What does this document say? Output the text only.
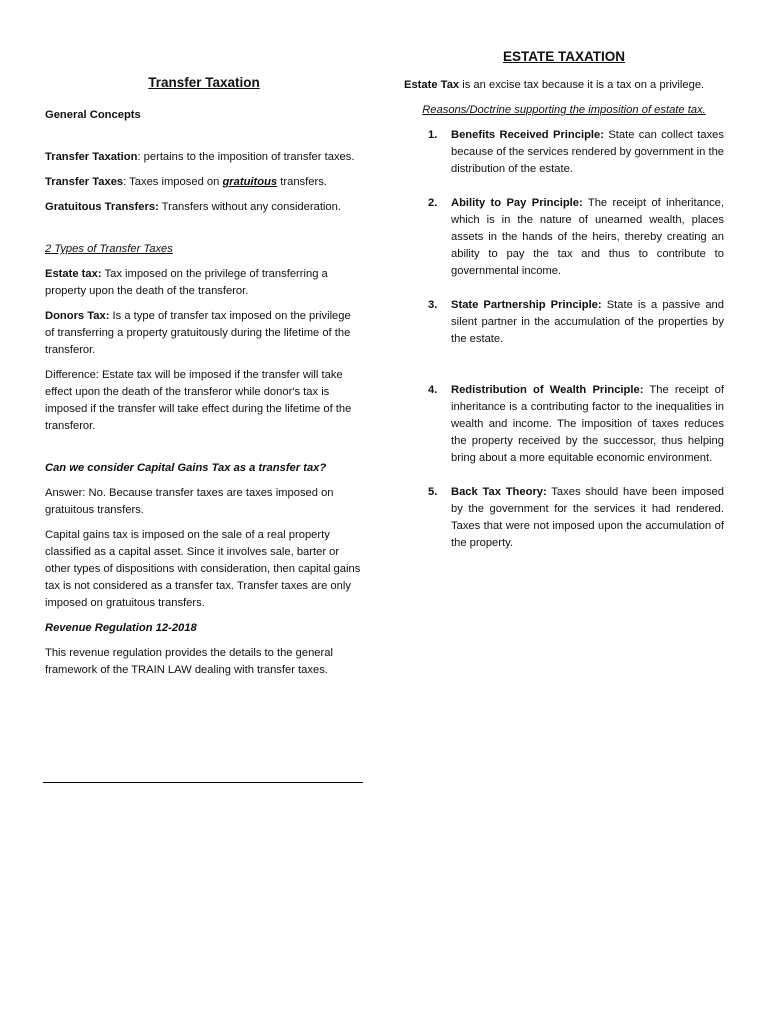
Transfer Taxation

General Concepts

Transfer Taxation: pertains to the imposition of transfer taxes.

Transfer Taxes: Taxes imposed on gratuitous transfers.

Gratuitous Transfers: Transfers without any consideration.

2 Types of Transfer Taxes

Estate tax: Tax imposed on the privilege of transferring a property upon the death of the transferor.

Donors Tax: Is a type of transfer tax imposed on the privilege of transferring a property gratuitously during the lifetime of the transferor.

Difference: Estate tax will be imposed if the transfer will take effect upon the death of the transferor while donor's tax is imposed if the transfer will take effect during the lifetime of the transferor.

Can we consider Capital Gains Tax as a transfer tax?

Answer: No. Because transfer taxes are taxes imposed on gratuitous transfers.

Capital gains tax is imposed on the sale of a real property classified as a capital asset. Since it involves sale, barter or other types of dispositions with consideration, then capital gains tax is not considered as a transfer tax. Transfer taxes are only imposed on gratuitous transfers.

Revenue Regulation 12-2018

This revenue regulation provides the details to the general framework of the TRAIN LAW dealing with transfer taxes.

ESTATE TAXATION

Estate Tax is an excise tax because it is a tax on a privilege.

Reasons/Doctrine supporting the imposition of estate tax.

1. Benefits Received Principle: State can collect taxes because of the services rendered by government in the distribution of the estate.
2. Ability to Pay Principle: The receipt of inheritance, which is in the nature of unearned wealth, places assets in the hands of the heirs, thereby creating an ability to pay the tax and thus to contribute to governmental income.
3. State Partnership Principle: State is a passive and silent partner in the accumulation of the properties by the estate.
4. Redistribution of Wealth Principle: The receipt of inheritance is a contributing factor to the inequalities in wealth and income. The imposition of taxes reduces the property received by the successor, thus helping bring about a more equitable economic environment.
5. Back Tax Theory: Taxes should have been imposed by the government for the services it had rendered. Taxes that were not imposed upon the accumulation of the property.
